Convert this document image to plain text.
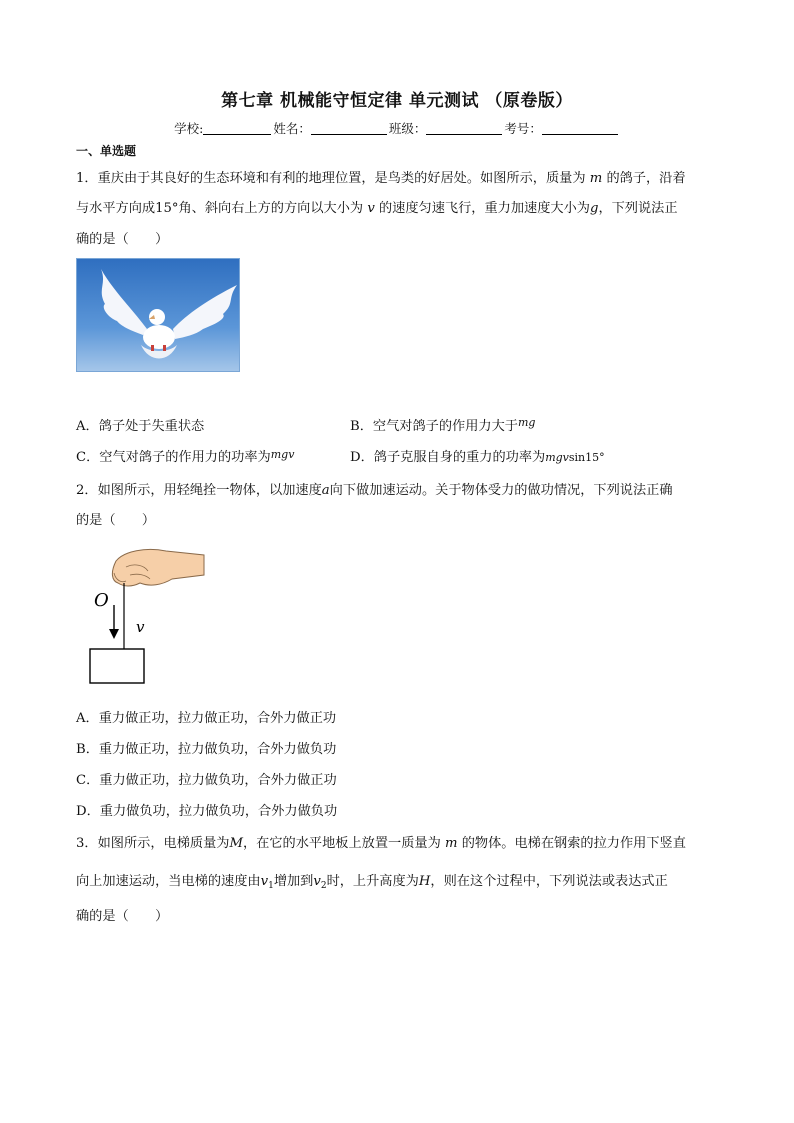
第七章 机械能守恒定律 单元测试 （原卷版）
学校:	姓名：	班级：	考号：
一、单选题
1．重庆由于其良好的生态环境和有利的地理位置，是鸟类的好居处。如图所示，质量为 m 的鸽子，沿着
与水平方向成15°角、斜向右上方的方向以大小为 v 的速度匀速飞行，重力加速度大小为g，下列说法正
确的是（　　）
A．鸽子处于失重状态	B．空气对鸽子的作用力大于$^{mg}$
C．空气对鸽子的作用力的功率为$^{mgv}$	D．鸽子克服自身的重力的功率为mgvsin15°
2．如图所示，用轻绳拴一物体，以加速度a向下做加速运动。关于物体受力的做功情况，下列说法正确
的是（　　）
O
v
A．重力做正功，拉力做正功，合外力做正功
B．重力做正功，拉力做负功，合外力做负功
C．重力做正功，拉力做负功，合外力做正功
D．重力做负功，拉力做负功，合外力做负功
3．如图所示，电梯质量为M，在它的水平地板上放置一质量为 m 的物体。电梯在钢索的拉力作用下竖直
向上加速运动，当电梯的速度由$v_1$增加到$v_2$时，上升高度为H，则在这个过程中，下列说法或表达式正
确的是（　　）
